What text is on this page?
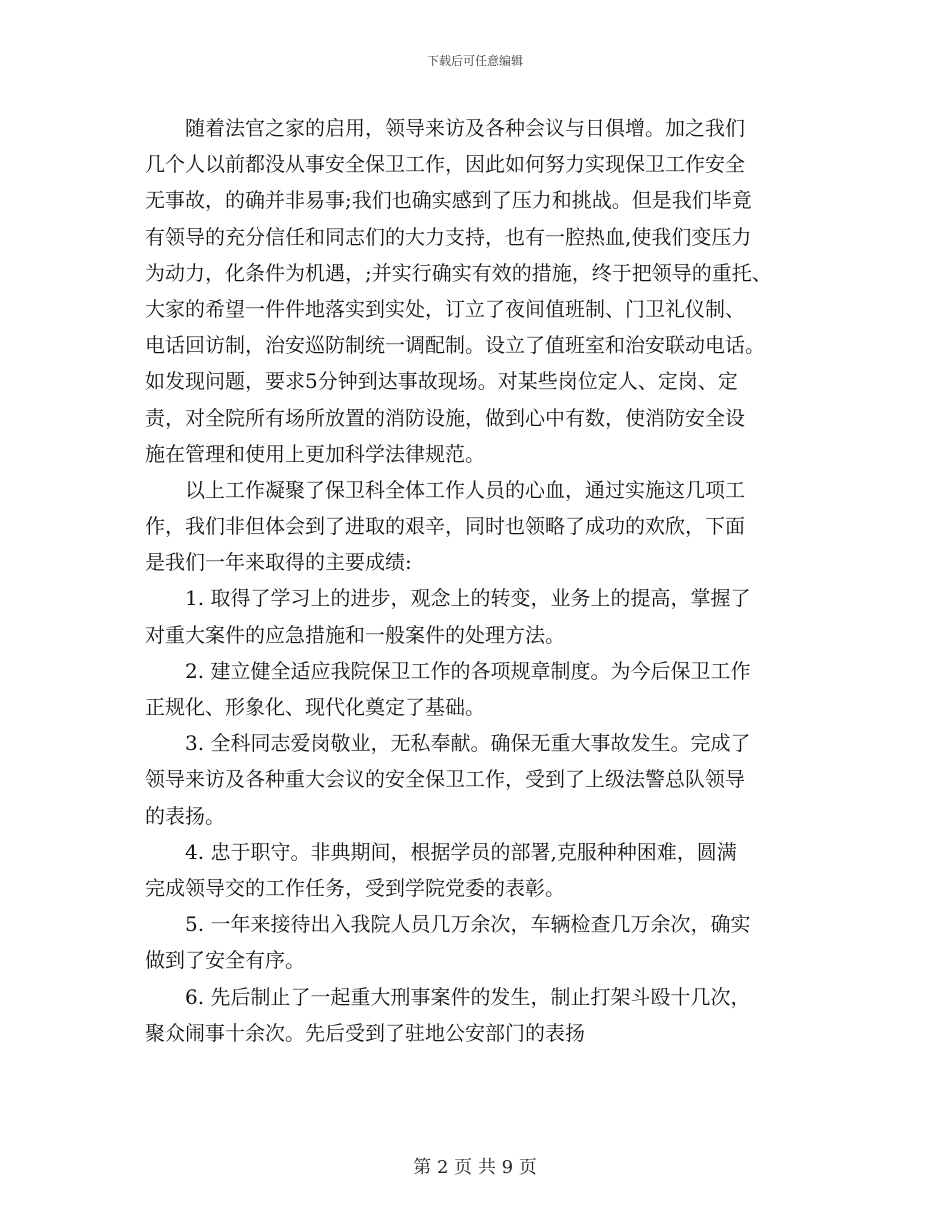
下载后可任意编辑
随着法官之家的启用，领导来访及各种会议与日俱增。加之我们
几个人以前都没从事安全保卫工作，因此如何努力实现保卫工作安全
无事故，的确并非易事;我们也确实感到了压力和挑战。但是我们毕竟
有领导的充分信任和同志们的大力支持，也有一腔热血,使我们变压力
为动力，化条件为机遇，;并实行确实有效的措施，终于把领导的重托、
大家的希望一件件地落实到实处，订立了夜间值班制、门卫礼仪制、
电话回访制，治安巡防制统一调配制。设立了值班室和治安联动电话。
如发现问题，要求5分钟到达事故现场。对某些岗位定人、定岗、定
责，对全院所有场所放置的消防设施，做到心中有数，使消防安全设
施在管理和使用上更加科学法律规范。
以上工作凝聚了保卫科全体工作人员的心血，通过实施这几项工
作，我们非但体会到了进取的艰辛，同时也领略了成功的欢欣，下面
是我们一年来取得的主要成绩:
1. 取得了学习上的进步，观念上的转变，业务上的提高，掌握了
对重大案件的应急措施和一般案件的处理方法。
2. 建立健全适应我院保卫工作的各项规章制度。为今后保卫工作
正规化、形象化、现代化奠定了基础。
3. 全科同志爱岗敬业，无私奉献。确保无重大事故发生。完成了
领导来访及各种重大会议的安全保卫工作，受到了上级法警总队领导
的表扬。
4. 忠于职守。非典期间，根据学员的部署,克服种种困难，圆满
完成领导交的工作任务，受到学院党委的表彰。
5. 一年来接待出入我院人员几万余次，车辆检查几万余次，确实
做到了安全有序。
6. 先后制止了一起重大刑事案件的发生，制止打架斗殴十几次，
聚众闹事十余次。先后受到了驻地公安部门的表扬
第 2 页 共 9 页
